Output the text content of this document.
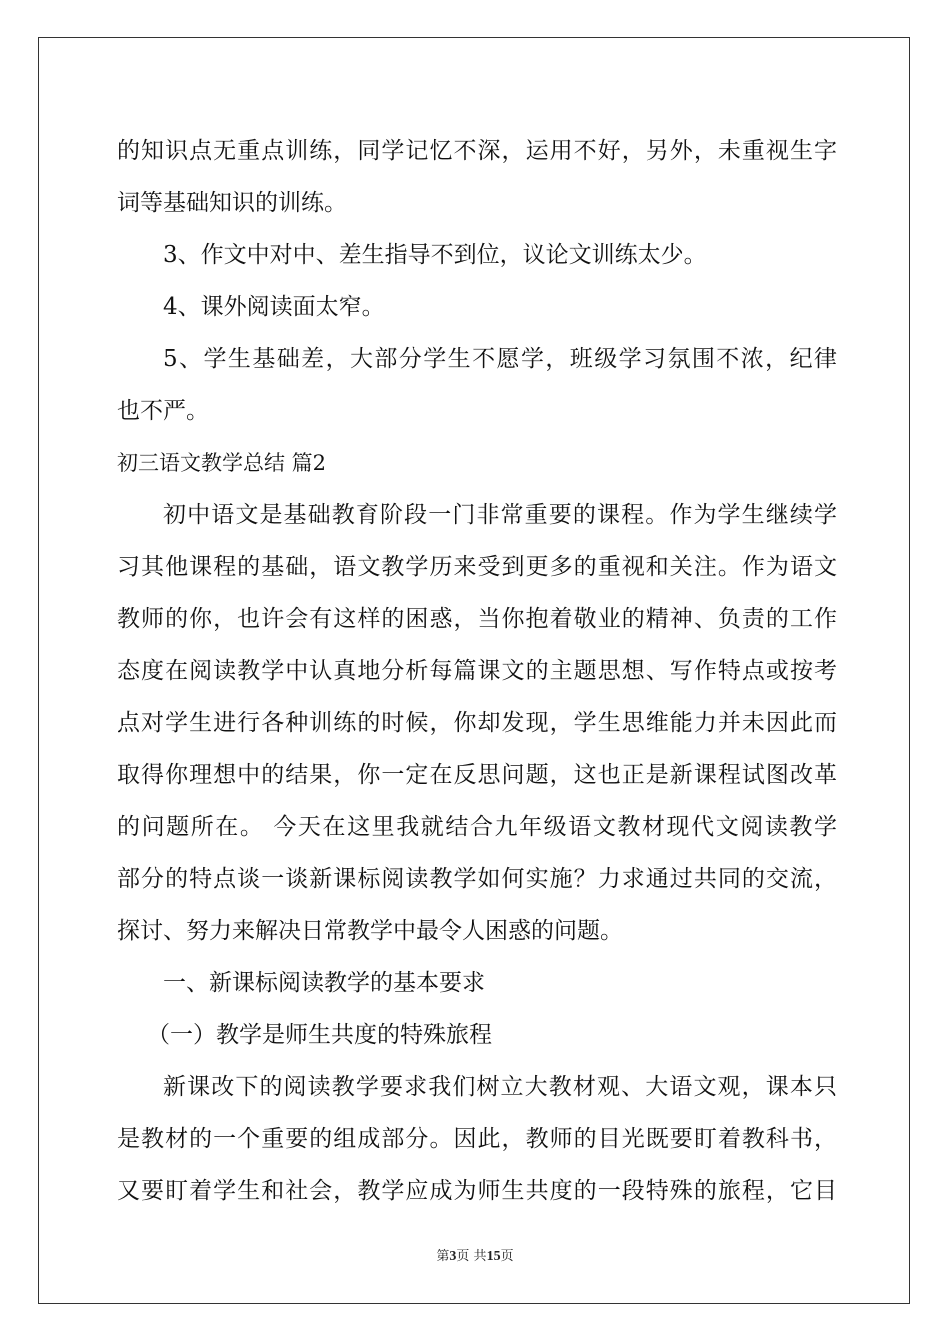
的知识点无重点训练，同学记忆不深，运用不好，另外，未重视生字
词等基础知识的训练。
3、作文中对中、差生指导不到位，议论文训练太少。
4、课外阅读面太窄。
5、学生基础差，大部分学生不愿学，班级学习氛围不浓，纪律
也不严。
初三语文教学总结 篇2
初中语文是基础教育阶段一门非常重要的课程。作为学生继续学
习其他课程的基础，语文教学历来受到更多的重视和关注。作为语文
教师的你，也许会有这样的困惑，当你抱着敬业的精神、负责的工作
态度在阅读教学中认真地分析每篇课文的主题思想、写作特点或按考
点对学生进行各种训练的时候，你却发现，学生思维能力并未因此而
取得你理想中的结果，你一定在反思问题，这也正是新课程试图改革
的问题所在。 今天在这里我就结合九年级语文教材现代文阅读教学
部分的特点谈一谈新课标阅读教学如何实施？力求通过共同的交流，
探讨、努力来解决日常教学中最令人困惑的问题。
一、新课标阅读教学的基本要求
（一）教学是师生共度的特殊旅程
新课改下的阅读教学要求我们树立大教材观、大语文观，课本只
是教材的一个重要的组成部分。因此，教师的目光既要盯着教科书，
又要盯着学生和社会，教学应成为师生共度的一段特殊的旅程，它目
第3页 共15页
